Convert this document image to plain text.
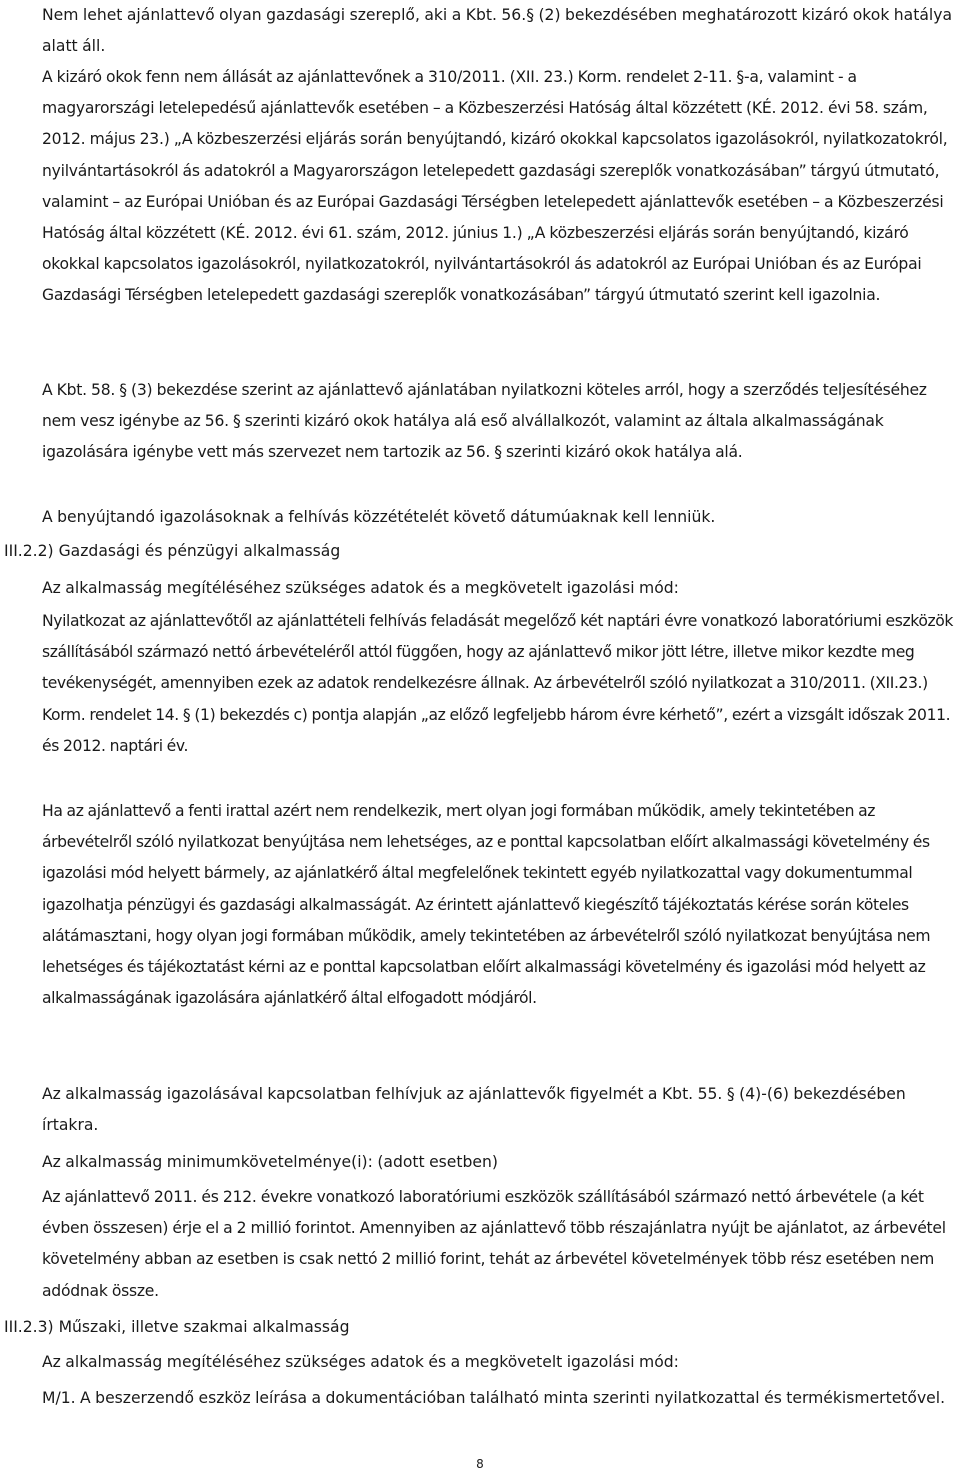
Nem lehet ajánlattevő olyan gazdasági szereplő, aki a Kbt. 56.§ (2) bekezdésében meghatározott kizáró okok hatálya alatt áll.
A kizáró okok fenn nem állását az ajánlattevőnek a 310/2011. (XII. 23.) Korm. rendelet 2-11. §-a, valamint - a magyarországi letelepedésű ajánlattevők esetében – a Közbeszerzési Hatóság által közzétett (KÉ. 2012. évi 58. szám, 2012. május 23.) „A közbeszerzési eljárás során benyújtandó, kizáró okokkal kapcsolatos igazolásokról, nyilatkozatokról, nyilvántartásokról ás adatokról a Magyarországon letelepedett gazdasági szereplők vonatkozásában” tárgyú útmutató, valamint – az Európai Unióban és az Európai Gazdasági Térségben letelepedett ajánlattevők esetében – a Közbeszerzési Hatóság által közzétett (KÉ. 2012. évi 61. szám, 2012. június 1.) „A közbeszerzési eljárás során benyújtandó, kizáró okokkal kapcsolatos igazolásokról, nyilatkozatokról, nyilvántartásokról ás adatokról az Európai Unióban és az Európai Gazdasági Térségben letelepedett gazdasági szereplők vonatkozásában” tárgyú útmutató szerint kell igazolnia.
A Kbt. 58. § (3) bekezdése szerint az ajánlattevő ajánlatában nyilatkozni köteles arról, hogy a szerződés teljesítéséhez nem vesz igénybe az 56. § szerinti kizáró okok hatálya alá eső alvállalkozót, valamint az általa alkalmasságának igazolására igénybe vett más szervezet nem tartozik az 56. § szerinti kizáró okok hatálya alá.
A benyújtandó igazolásoknak a felhívás közzétételét követő dátumúaknak kell lenniük.
III.2.2) Gazdasági és pénzügyi alkalmasság
Az alkalmasság megítéléséhez szükséges adatok és a megkövetelt igazolási mód:
Nyilatkozat az ajánlattevőtől az ajánlattételi felhívás feladását megelőző két naptári évre vonatkozó laboratóriumi eszközök szállításából származó nettó árbevételéről attól függően, hogy az ajánlattevő mikor jött létre, illetve mikor kezdte meg tevékenységét, amennyiben ezek az adatok rendelkezésre állnak. Az árbevételről szóló nyilatkozat a 310/2011. (XII.23.) Korm. rendelet 14. § (1) bekezdés c) pontja alapján „az előző legfeljebb három évre kérhető”, ezért a vizsgált időszak 2011. és 2012. naptári év.
Ha az ajánlattevő a fenti irattal azért nem rendelkezik, mert olyan jogi formában működik, amely tekintetében az árbevételről szóló nyilatkozat benyújtása nem lehetséges, az e ponttal kapcsolatban előírt alkalmassági követelmény és igazolási mód helyett bármely, az ajánlatkérő által megfelelőnek tekintett egyéb nyilatkozattal vagy dokumentummal igazolhatja pénzügyi és gazdasági alkalmasságát. Az érintett ajánlattevő kiegészítő tájékoztatás kérése során köteles alátámasztani, hogy olyan jogi formában működik, amely tekintetében az árbevételről szóló nyilatkozat benyújtása nem lehetséges és tájékoztatást kérni az e ponttal kapcsolatban előírt alkalmassági követelmény és igazolási mód helyett az alkalmasságának igazolására ajánlatkérő által elfogadott módjáról.
Az alkalmasság igazolásával kapcsolatban felhívjuk az ajánlattevők figyelmét a Kbt. 55. § (4)-(6) bekezdésében írtakra.
Az alkalmasság minimumkövetelménye(i): (adott esetben)
Az ajánlattevő 2011. és 212. évekre vonatkozó laboratóriumi eszközök szállításából származó nettó árbevétele (a két évben összesen) érje el a 2 millió forintot. Amennyiben az ajánlattevő több részajánlatra nyújt be ajánlatot, az árbevétel követelmény abban az esetben is csak nettó 2 millió forint, tehát az árbevétel követelmények több rész esetében nem adódnak össze.
III.2.3) Műszaki, illetve szakmai alkalmasság
Az alkalmasság megítéléséhez szükséges adatok és a megkövetelt igazolási mód:
M/1. A beszerzendő eszköz leírása a dokumentációban található minta szerinti nyilatkozattal és termékismertetővel.
8
